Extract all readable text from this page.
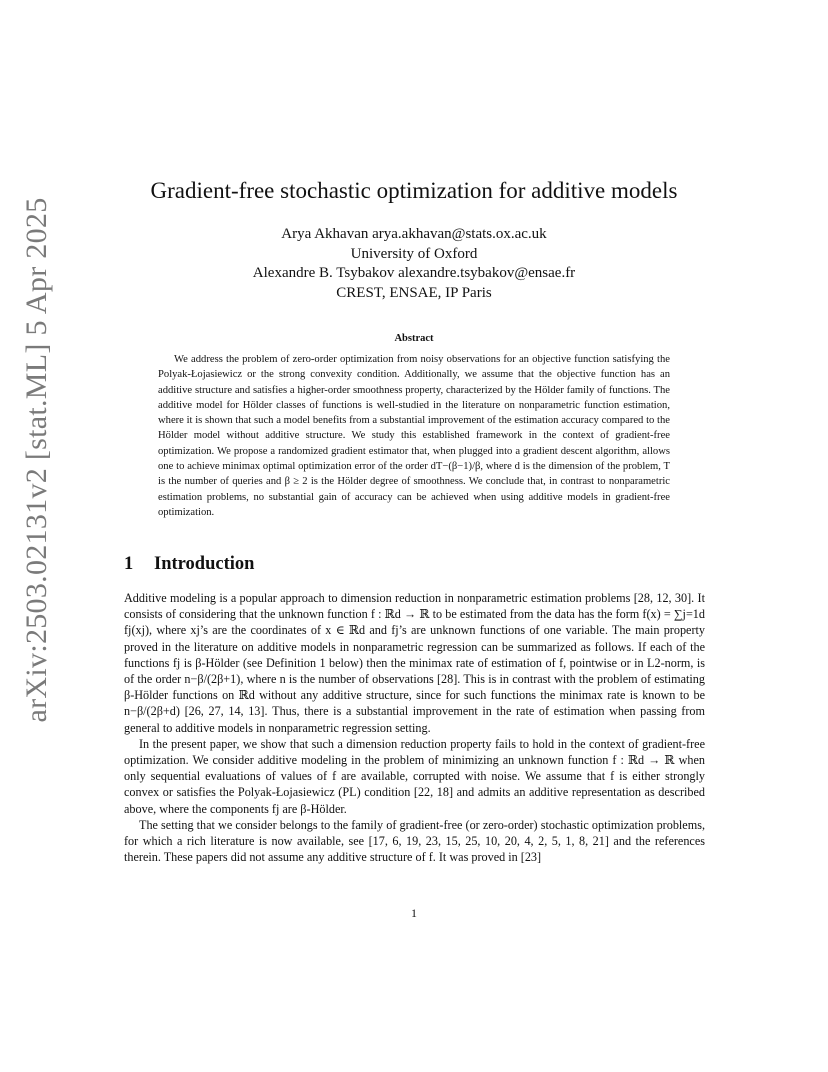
arXiv:2503.02131v2 [stat.ML] 5 Apr 2025
Gradient-free stochastic optimization for additive models
Arya Akhavan arya.akhavan@stats.ox.ac.uk
University of Oxford
Alexandre B. Tsybakov alexandre.tsybakov@ensae.fr
CREST, ENSAE, IP Paris
Abstract

We address the problem of zero-order optimization from noisy observations for an objective function satisfying the Polyak-Łojasiewicz or the strong convexity condition. Additionally, we assume that the objective function has an additive structure and satisfies a higher-order smoothness property, characterized by the Hölder family of functions. The additive model for Hölder classes of functions is well-studied in the literature on nonparametric function estimation, where it is shown that such a model benefits from a substantial improvement of the estimation accuracy compared to the Hölder model without additive structure. We study this established framework in the context of gradient-free optimization. We propose a randomized gradient estimator that, when plugged into a gradient descent algorithm, allows one to achieve minimax optimal optimization error of the order dT−(β−1)/β, where d is the dimension of the problem, T is the number of queries and β ≥ 2 is the Hölder degree of smoothness. We conclude that, in contrast to nonparametric estimation problems, no substantial gain of accuracy can be achieved when using additive models in gradient-free optimization.

1 Introduction

Additive modeling is a popular approach to dimension reduction in nonparametric estimation problems [28, 12, 30]. It consists of considering that the unknown function f : ℝd → ℝ to be estimated from the data has the form f(x) = ∑j=1d fj(xj), where xj’s are the coordinates of x ∈ ℝd and fj’s are unknown functions of one variable. The main property proved in the literature on additive models in nonparametric regression can be summarized as follows. If each of the functions fj is β-Hölder (see Definition 1 below) then the minimax rate of estimation of f, pointwise or in L2-norm, is of the order n−β/(2β+1), where n is the number of observations [28]. This is in contrast with the problem of estimating β-Hölder functions on ℝd without any additive structure, since for such functions the minimax rate is known to be n−β/(2β+d) [26, 27, 14, 13]. Thus, there is a substantial improvement in the rate of estimation when passing from general to additive models in nonparametric regression setting.

In the present paper, we show that such a dimension reduction property fails to hold in the context of gradient-free optimization. We consider additive modeling in the problem of minimizing an unknown function f : ℝd → ℝ when only sequential evaluations of values of f are available, corrupted with noise. We assume that f is either strongly convex or satisfies the Polyak-Łojasiewicz (PL) condition [22, 18] and admits an additive representation as described above, where the components fj are β-Hölder.

The setting that we consider belongs to the family of gradient-free (or zero-order) stochastic optimization problems, for which a rich literature is now available, see [17, 6, 19, 23, 15, 25, 10, 20, 4, 2, 5, 1, 8, 21] and the references therein. These papers did not assume any additive structure of f. It was proved in [23]

1
